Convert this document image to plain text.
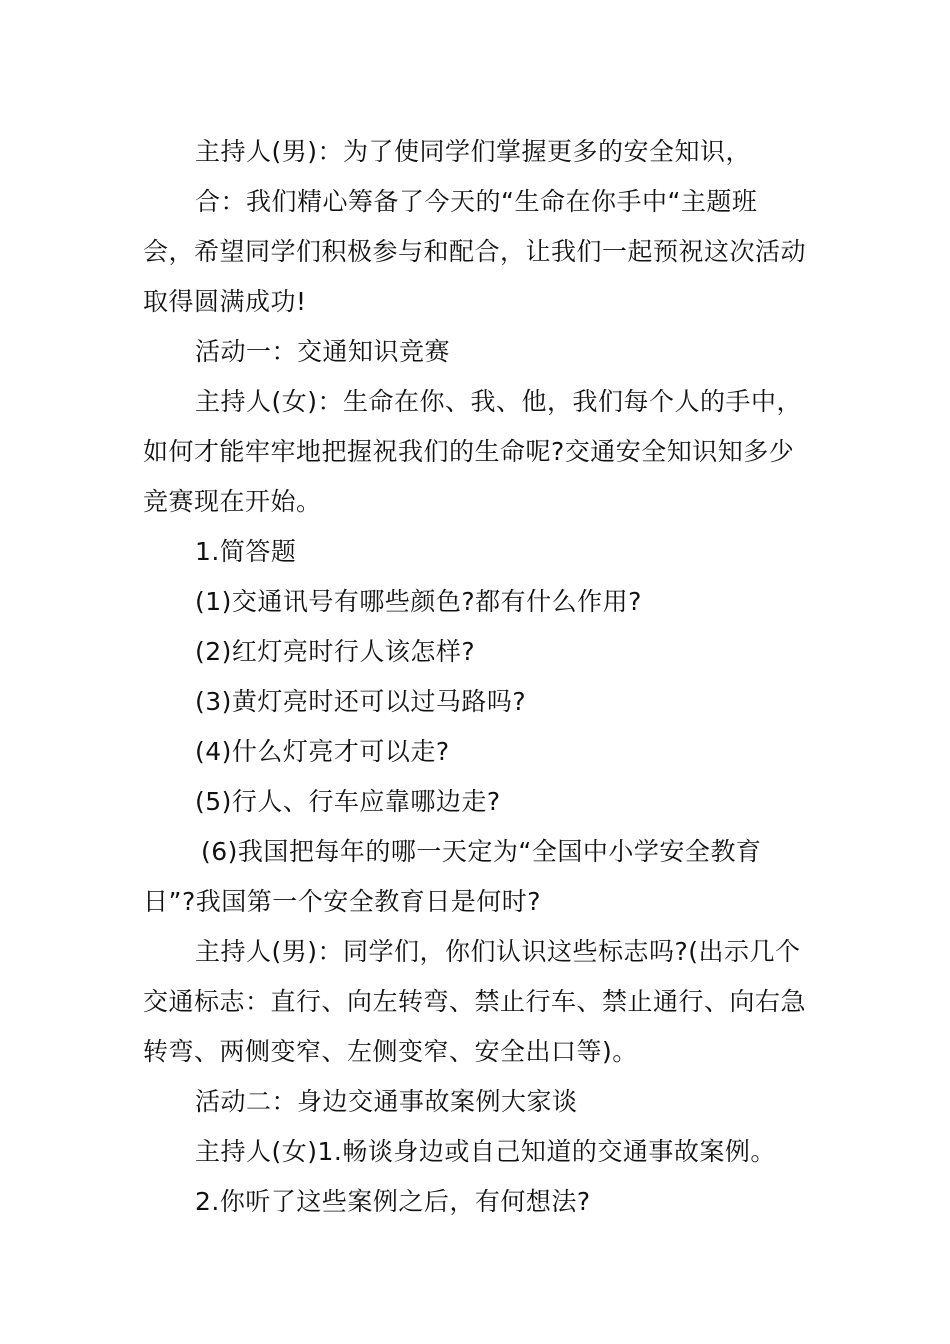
主持人(男)：为了使同学们掌握更多的安全知识，

合：我们精心筹备了今天的“生命在你手中“主题班会，希望同学们积极参与和配合，让我们一起预祝这次活动取得圆满成功!

活动一：交通知识竞赛

主持人(女)：生命在你、我、他，我们每个人的手中，如何才能牢牢地把握祝我们的生命呢?交通安全知识知多少竞赛现在开始。

1.简答题

(1)交通讯号有哪些颜色?都有什么作用?

(2)红灯亮时行人该怎样?

(3)黄灯亮时还可以过马路吗?

(4)什么灯亮才可以走?

(5)行人、行车应靠哪边走?

(6)我国把每年的哪一天定为“全国中小学安全教育日”?我国第一个安全教育日是何时?

主持人(男)：同学们，你们认识这些标志吗?(出示几个交通标志：直行、向左转弯、禁止行车、禁止通行、向右急转弯、两侧变窄、左侧变窄、安全出口等)。

活动二：身边交通事故案例大家谈

主持人(女)1.畅谈身边或自己知道的交通事故案例。

2.你听了这些案例之后，有何想法?
